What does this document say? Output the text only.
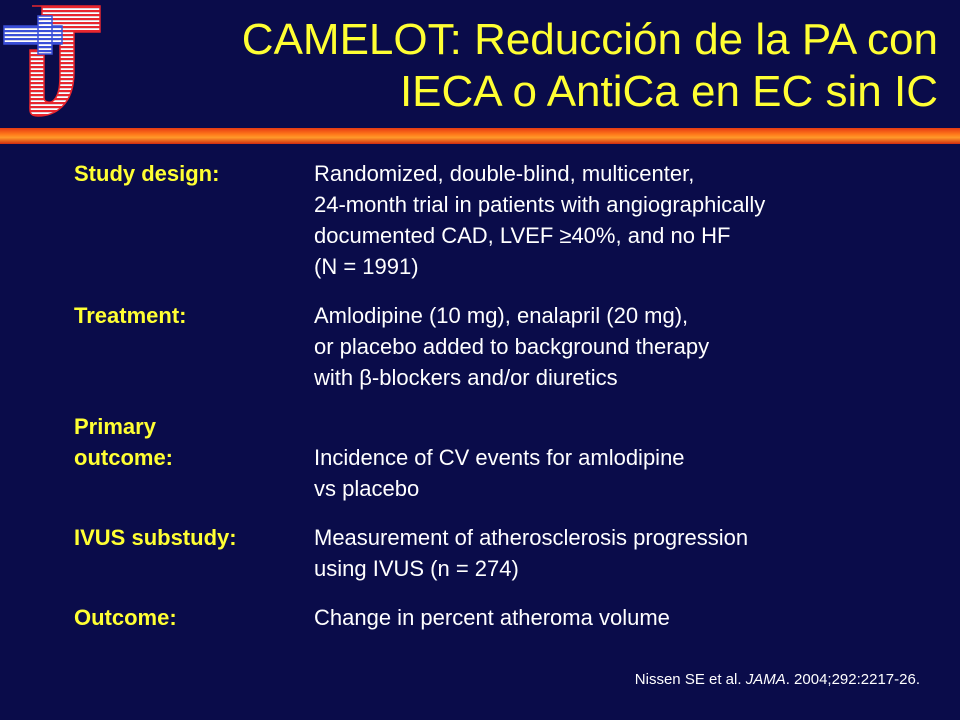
CAMELOT: Reducción de la PA con
IECA o AntiCa en EC sin IC
Study design:	Randomized, double-blind, multicenter,
24-month trial in patients with angiographically
documented CAD, LVEF ≥40%, and no HF
(N = 1991)
Treatment:	Amlodipine (10 mg), enalapril (20 mg),
or placebo added to background therapy
with β-blockers and/or diuretics
Primary
outcome:	Incidence of CV events for amlodipine
vs placebo
IVUS substudy:	Measurement of atherosclerosis progression
using IVUS (n = 274)
Outcome:	Change in percent atheroma volume
Nissen SE et al. JAMA. 2004;292:2217-26.
